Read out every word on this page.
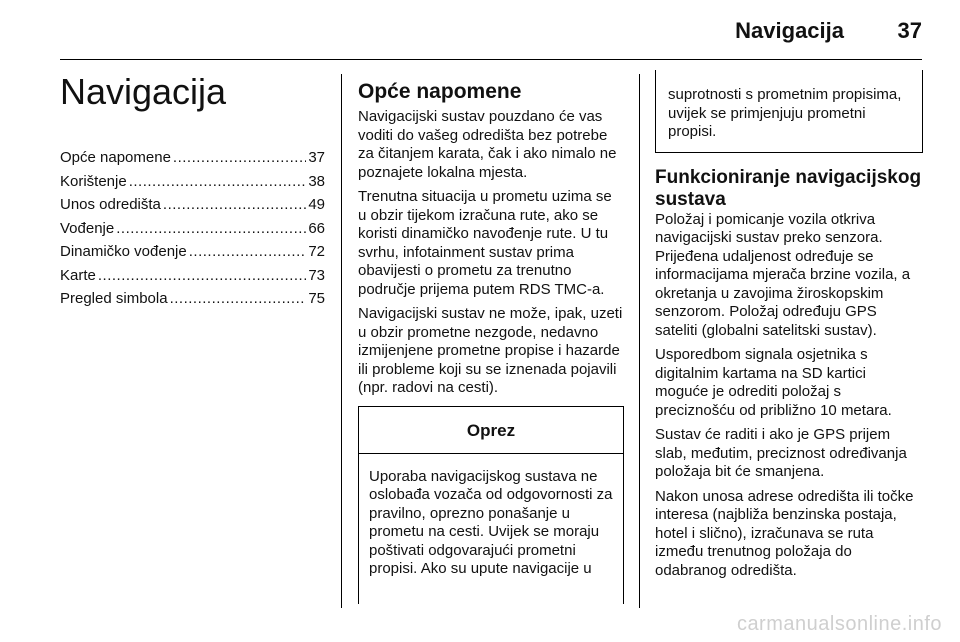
Navigacija 37
Navigacija
Opće napomene .....	37
Korištenje .....	38
Unos odredišta .....	49
Vođenje .....	66
Dinamičko vođenje .....	72
Karte .....	73
Pregled simbola .....	75
Opće napomene

Navigacijski sustav pouzdano će vas voditi do vašeg odredišta bez potrebe za čitanjem karata, čak i ako nimalo ne poznajete lokalna mjesta.

Trenutna situacija u prometu uzima se u obzir tijekom izračuna rute, ako se koristi dinamičko navođenje rute. U tu svrhu, infotainment sustav prima obavijesti o prometu za trenutno područje prijema putem RDS TMC-a.

Navigacijski sustav ne može, ipak, uzeti u obzir prometne nezgode, nedavno izmijenjene prometne propise i hazarde ili probleme koji su se iznenada pojavili (npr. radovi na cesti).

Oprez
Uporaba navigacijskog sustava ne oslobađa vozača od odgovornosti za pravilno, oprezno ponašanje u prometu na cesti. Uvijek se moraju poštivati odgovarajući prometni propisi. Ako su upute navigacije u
suprotnosti s prometnim propisima, uvijek se primjenjuju prometni propisi.
Funkcioniranje navigacijskog sustava

Položaj i pomicanje vozila otkriva navigacijski sustav preko senzora. Prijeđena udaljenost određuje se informacijama mjerača brzine vozila, a okretanja u zavojima žiroskopskim senzorom. Položaj određuju GPS sateliti (globalni satelitski sustav).

Usporedbom signala osjetnika s digitalnim kartama na SD kartici moguće je odrediti položaj s preciznošću od približno 10 metara.

Sustav će raditi i ako je GPS prijem slab, međutim, preciznost određivanja položaja bit će smanjena.

Nakon unosa adrese odredišta ili točke interesa (najbliža benzinska postaja, hotel i slično), izračunava se ruta između trenutnog položaja do odabranog odredišta.

carmanualsonline.info
